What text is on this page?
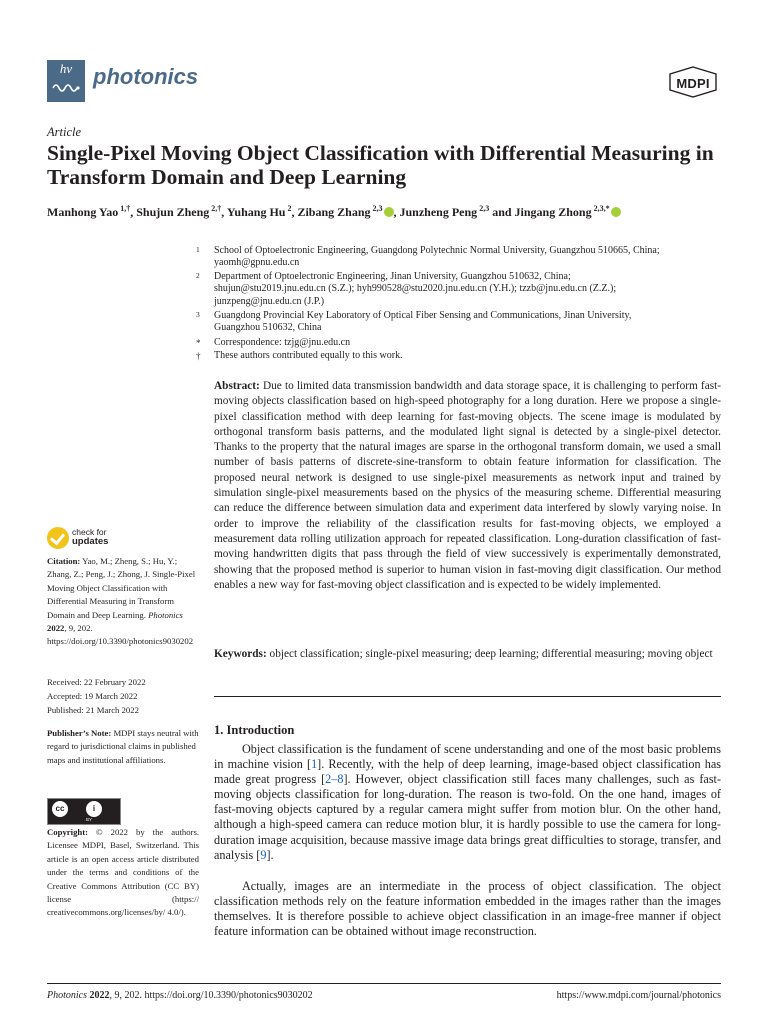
hv photonics	MDPI
Article
Single-Pixel Moving Object Classification with Differential Measuring in Transform Domain and Deep Learning
Manhong Yao $^{1,\dagger}$, Shujun Zheng $^{2,\dagger}$, Yuhang Hu $^2$, Zibang Zhang $^{2,3}$ , Junzheng Peng $^{2,3}$ and Jingang Zhong $^{2,3,*}$
1 School of Optoelectronic Engineering, Guangdong Polytechnic Normal University, Guangzhou 510665, China;
yaomh@gpnu.edu.cn
2 Department of Optoelectronic Engineering, Jinan University, Guangzhou 510632, China;
shujun@stu2019.jnu.edu.cn (S.Z.); hyh990528@stu2020.jnu.edu.cn (Y.H.); tzzb@jnu.edu.cn (Z.Z.);
junzpeng@jnu.edu.cn (J.P.)
3 Guangdong Provincial Key Laboratory of Optical Fiber Sensing and Communications, Jinan University,
Guangzhou 510632, China
* Correspondence: tzjg@jnu.edu.cn
† These authors contributed equally to this work.
Abstract: Due to limited data transmission bandwidth and data storage space, it is challenging to perform fast-moving objects classification based on high-speed photography for a long duration. Here we propose a single-pixel classification method with deep learning for fast-moving objects. The scene image is modulated by orthogonal transform basis patterns, and the modulated light signal is detected by a single-pixel detector. Thanks to the property that the natural images are sparse in the orthogonal transform domain, we used a small number of basis patterns of discrete-sine-transform to obtain feature information for classification. The proposed neural network is designed to use single-pixel measurements as network input and trained by simulation single-pixel measurements based on the physics of the measuring scheme. Differential measuring can reduce the difference between simulation data and experiment data interfered by slowly varying noise. In order to improve the reliability of the classification results for fast-moving objects, we employed a measurement data rolling utilization approach for repeated classification. Long-duration classification of fast-moving handwritten digits that pass through the field of view successively is experimentally demonstrated, showing that the proposed method is superior to human vision in fast-moving digit classification. Our method enables a new way for fast-moving object classification and is expected to be widely implemented.
Keywords: object classification; single-pixel measuring; deep learning; differential measuring; moving object
1. Introduction
Object classification is the fundament of scene understanding and one of the most basic problems in machine vision [1]. Recently, with the help of deep learning, image-based object classification has made great progress [2–8]. However, object classification still faces many challenges, such as fast-moving objects classification for long-duration. The reason is two-fold. On the one hand, images of fast-moving objects captured by a regular camera might suffer from motion blur. On the other hand, although a high-speed camera can reduce motion blur, it is hardly possible to use the camera for long-duration image acquisition, because massive image data brings great difficulties to storage, transfer, and analysis [9].
Actually, images are an intermediate in the process of object classification. The object classification methods rely on the feature information embedded in the images rather than the images themselves. It is therefore possible to achieve object classification in an image-free manner if object feature information can be obtained without image reconstruction.
check for
updates
Citation: Yao, M.; Zheng, S.; Hu, Y.; Zhang, Z.; Peng, J.; Zhong, J. Single-Pixel Moving Object Classification with Differential Measuring in Transform Domain and Deep Learning. Photonics 2022, 9, 202. https://doi.org/10.3390/photonics9030202
Received: 22 February 2022
Accepted: 19 March 2022
Published: 21 March 2022
Publisher’s Note: MDPI stays neutral with regard to jurisdictional claims in published maps and institutional affiliations.
cc	i
BY
Copyright: © 2022 by the authors. Licensee MDPI, Basel, Switzerland. This article is an open access article distributed under the terms and conditions of the Creative Commons Attribution (CC BY) license (https:// creativecommons.org/licenses/by/ 4.0/).
Photonics 2022, 9, 202. https://doi.org/10.3390/photonics9030202	https://www.mdpi.com/journal/photonics
